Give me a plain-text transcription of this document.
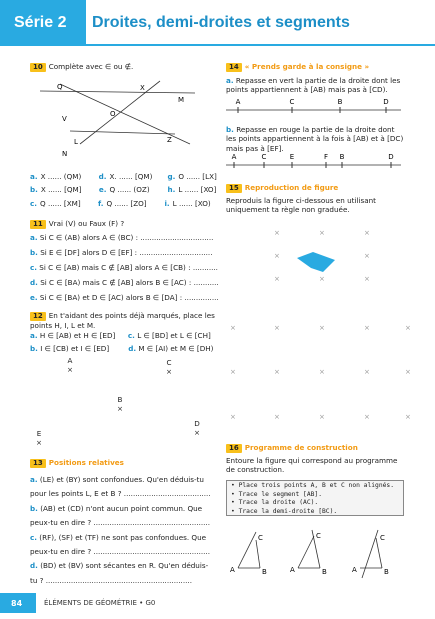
Série 2	Droites, demi-droites et segments
10 Complète avec ∈ ou ∉.
Q	X
M
O
V
L	Z
N
a. X ...... (QM)	d. X. ...... [QM)	g. O ...... [LX]
b. X ...... [QM]	e. Q ...... (OZ)	h. L ...... [XO]
c. Q ...... [XM]	f. Q ...... [ZO]	i. L ...... [XO)
11 Vrai (V) ou Faux (F) ?
a. Si C ∈ (AB) alors A ∈ (BC) : ................................
b. Si E ∈ [DF] alors D ∈ [EF] : ................................
c. Si C ∈ [AB) mais C ∉ [AB] alors A ∈ [CB) : ...........
d. Si C ∈ [BA) mais C ∉ [AB] alors B ∈ [AC) : ...........
e. Si C ∈ [BA) et D ∈ [AC) alors B ∈ [DA] : ...............
12 En t'aidant des points déjà marqués, place les points H, I, L et M.
a.
H ∈ [AB) et H ∈ [ED]	c.
L ∈ [BD] et L ∈ [CH]
b.
I ∈ [CB) et I ∈ [ED]	d.
M ∈ [AI) et M ∈ [DH)
A
×
C
×
B
×
D
×
E
×
13 Positions relatives
a. (LE) et (BY) sont confondues. Qu'en déduis-tu
pour les points L, E et B ? ......................................
b. (AB) et (CD) n'ont aucun point commun. Que
peux-tu en dire ? ...................................................
c. (RF), (SF) et (TF) ne sont pas confondues. Que
peux-tu en dire ? ...................................................
d. (BD) et (BV) sont sécantes en R. Qu'en déduis-
tu ? ................................................................
14 « Prends garde à la consigne »
a. Repasse en vert la partie de la droite dont les points appartiennent à [AB) mais pas à [CD).
A	C	B	D
b. Repasse en rouge la partie de la droite dont les points appartiennent à la fois à [AB) et à [DC) mais pas à [EF].
A	C	E	F B	D
15 Reproduction de figure
Reproduis la figure ci-dessous en utilisant uniquement ta règle non graduée.
×	×	×
×	×
×	×	×
×	×	×	×	×
×	×	×	×	×
×	×	×	×	×
16 Programme de construction
Entoure la figure qui correspond au programme de construction.
• Place trois points A, B et C non alignés.
• Trace le segment [AB].
• Trace la droite (AC).
• Trace la demi-droite [BC).
A	B
C
A	B
C
A	B
C
84	ÉLÉMENTS DE GÉOMÉTRIE • G0
